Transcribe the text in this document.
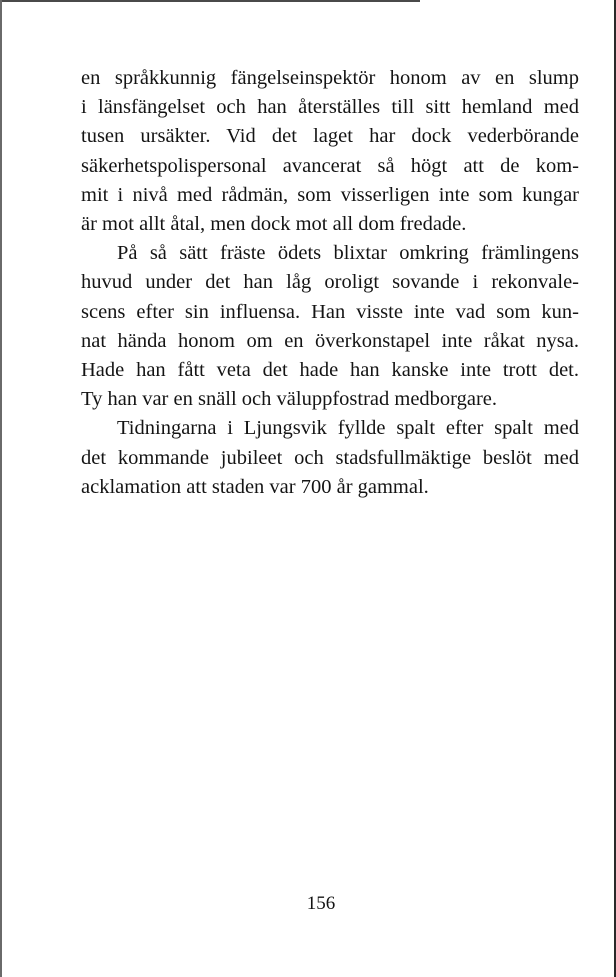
en språkkunnig fängelseinspektör honom av en slump
i länsfängelset och han återställes till sitt hemland med
tusen ursäkter. Vid det laget har dock vederbörande
säkerhetspolispersonal avancerat så högt att de kom-
mit i nivå med rådmän, som visserligen inte som kungar
är mot allt åtal, men dock mot all dom fredade.

På så sätt fräste ödets blixtar omkring främlingens
huvud under det han låg oroligt sovande i rekonvale-
scens efter sin influensa. Han visste inte vad som kun-
nat hända honom om en överkonstapel inte råkat nysa.
Hade han fått veta det hade han kanske inte trott det.
Ty han var en snäll och väluppfostrad medborgare.

Tidningarna i Ljungsvik fyllde spalt efter spalt med
det kommande jubileet och stadsfullmäktige beslöt med
acklamation att staden var 700 år gammal.

156
